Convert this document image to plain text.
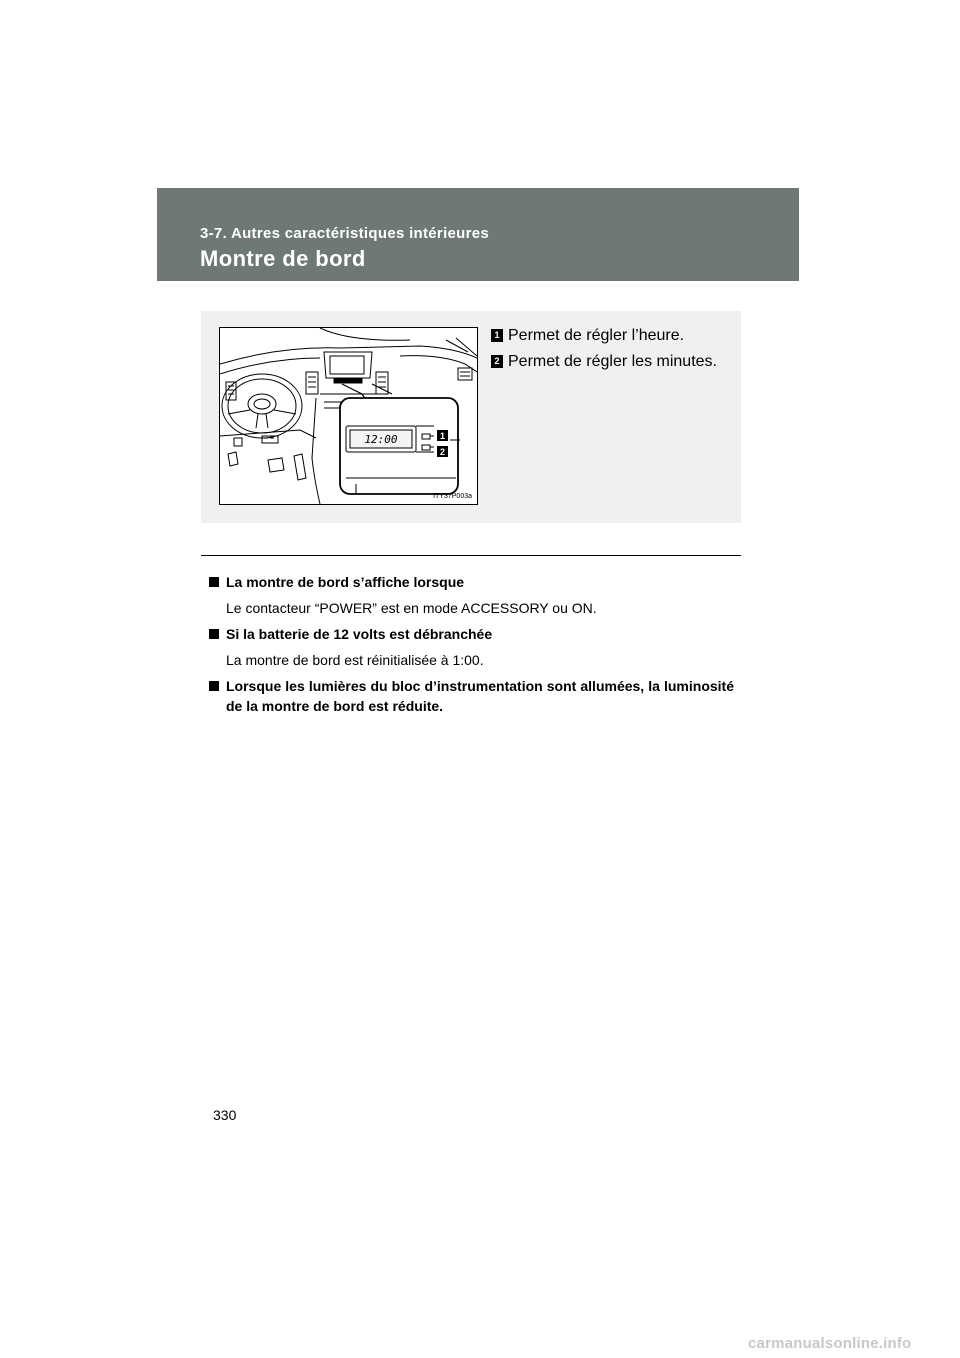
3-7. Autres caractéristiques intérieures
Montre de bord
12:00	1
2
ITY37P003a
1 Permet de régler l’heure.
2 Permet de régler les minutes.
La montre de bord s’affiche lorsque
Le contacteur “POWER” est en mode ACCESSORY ou ON.
Si la batterie de 12 volts est débranchée
La montre de bord est réinitialisée à 1:00.
Lorsque les lumières du bloc d’instrumentation sont allumées, la luminosité de la montre de bord est réduite.
330
carmanualsonline.info
